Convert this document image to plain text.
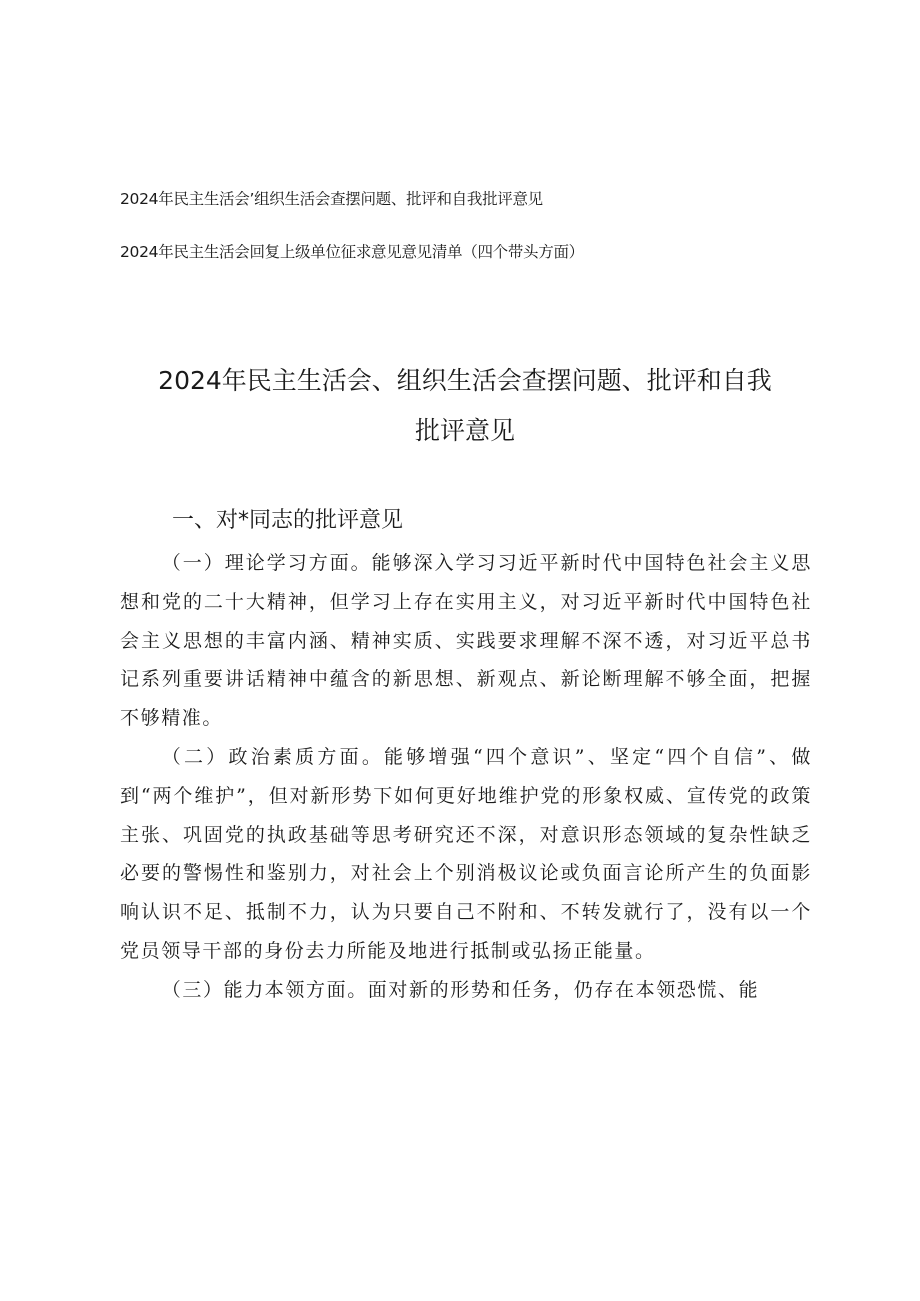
2024年民主生活会’组织生活会查摆问题、批评和自我批评意见
2024年民主生活会回复上级单位征求意见意见清单（四个带头方面）
2024年民主生活会、组织生活会查摆问题、批评和自我
批评意见
一、对*同志的批评意见

（一）理论学习方面。能够深入学习习近平新时代中国特色社会主义思想和党的二十大精神，但学习上存在实用主义，对习近平新时代中国特色社会主义思想的丰富内涵、精神实质、实践要求理解不深不透，对习近平总书记系列重要讲话精神中蕴含的新思想、新观点、新论断理解不够全面，把握不够精准。

（二）政治素质方面。能够增强“四个意识”、坚定“四个自信”、做到“两个维护”，但对新形势下如何更好地维护党的形象权威、宣传党的政策主张、巩固党的执政基础等思考研究还不深，对意识形态领域的复杂性缺乏必要的警惕性和鉴别力，对社会上个别消极议论或负面言论所产生的负面影响认识不足、抵制不力，认为只要自己不附和、不转发就行了，没有以一个党员领导干部的身份去力所能及地进行抵制或弘扬正能量。

（三）能力本领方面。面对新的形势和任务，仍存在本领恐慌、能
